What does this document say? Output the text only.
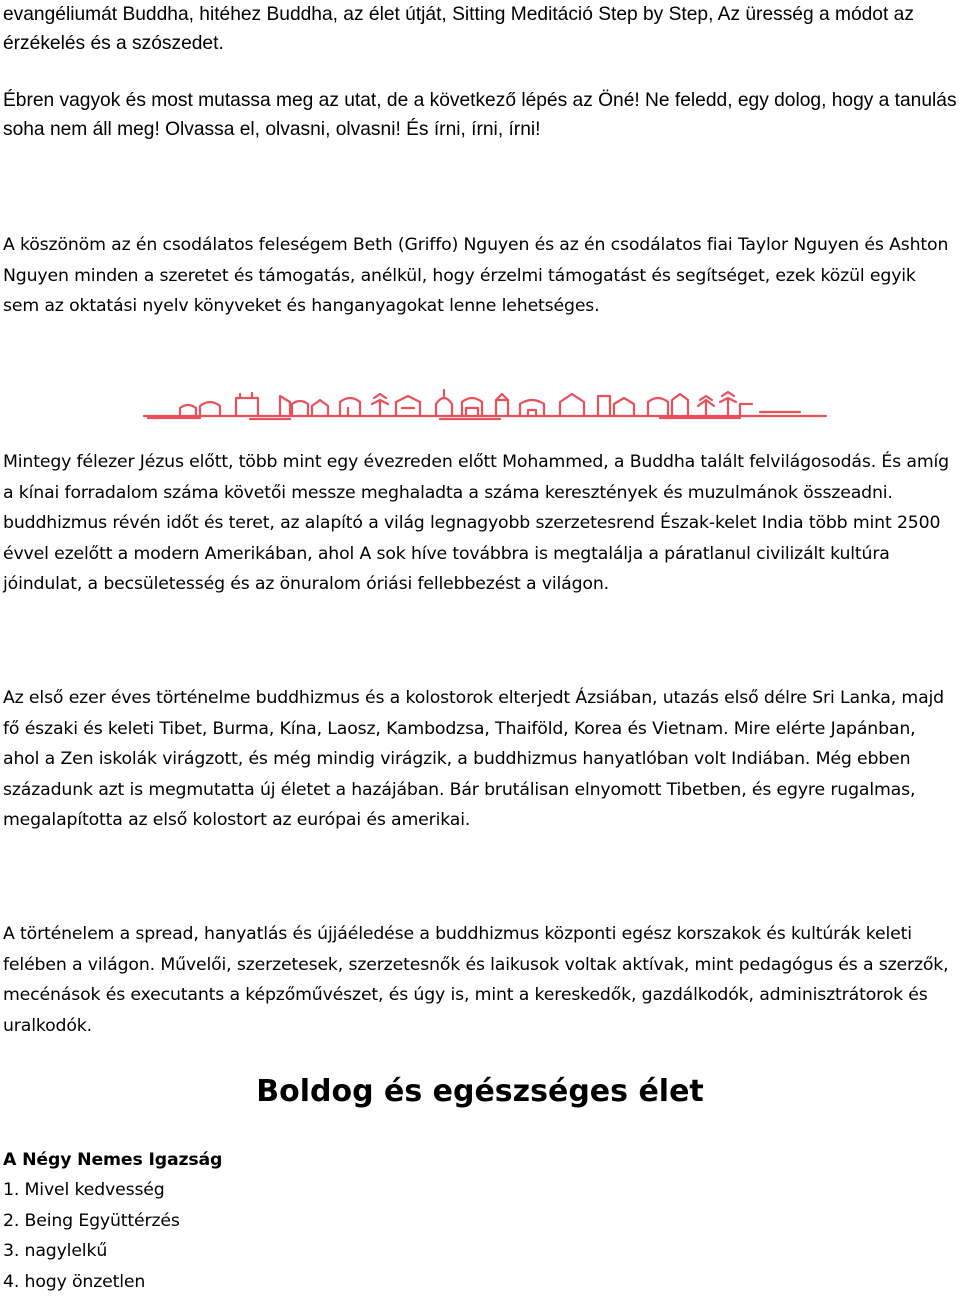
evangéliumát Buddha, hitéhez Buddha, az élet útját, Sitting Meditáció Step by Step, Az üresség a módot az érzékelés és a szószedet.

Ébren vagyok és most mutassa meg az utat, de a következő lépés az Öné! Ne feledd, egy dolog, hogy a tanulás soha nem áll meg! Olvassa el, olvasni, olvasni! És írni, írni, írni!

A köszönöm az én csodálatos feleségem Beth (Griffo) Nguyen és az én csodálatos fiai Taylor Nguyen és Ashton Nguyen minden a szeretet és támogatás, anélkül, hogy érzelmi támogatást és segítséget, ezek közül egyik sem az oktatási nyelv könyveket és hanganyagokat lenne lehetséges.

Mintegy félezer Jézus előtt, több mint egy évezreden előtt Mohammed, a Buddha talált felvilágosodás. És amíg a kínai forradalom száma követői messze meghaladta a száma keresztények és muzulmánok összeadni. buddhizmus révén időt és teret, az alapító a világ legnagyobb szerzetesrend Észak-kelet India több mint 2500 évvel ezelőtt a modern Amerikában, ahol A sok híve továbbra is megtalálja a páratlanul civilizált kultúra jóindulat, a becsületesség és az önuralom óriási fellebbezést a világon.

Az első ezer éves történelme buddhizmus és a kolostorok elterjedt Ázsiában, utazás első délre Sri Lanka, majd fő északi és keleti Tibet, Burma, Kína, Laosz, Kambodzsa, Thaiföld, Korea és Vietnam. Mire elérte Japánban, ahol a Zen iskolák virágzott, és még mindig virágzik, a buddhizmus hanyatlóban volt Indiában. Még ebben századunk azt is megmutatta új életet a hazájában. Bár brutálisan elnyomott Tibetben, és egyre rugalmas, megalapította az első kolostort az európai és amerikai.

A történelem a spread, hanyatlás és újjáéledése a buddhizmus központi egész korszakok és kultúrák keleti felében a világon. Művelői, szerzetesek, szerzetesnők és laikusok voltak aktívak, mint pedagógus és a szerzők, mecénások és executants a képzőművészet, és úgy is, mint a kereskedők, gazdálkodók, adminisztrátorok és uralkodók.

Boldog és egészséges élet

A Négy Nemes Igazság

1. Mivel kedvesség
2. Being Együttérzés
3. nagylelkű
4. hogy önzetlen
